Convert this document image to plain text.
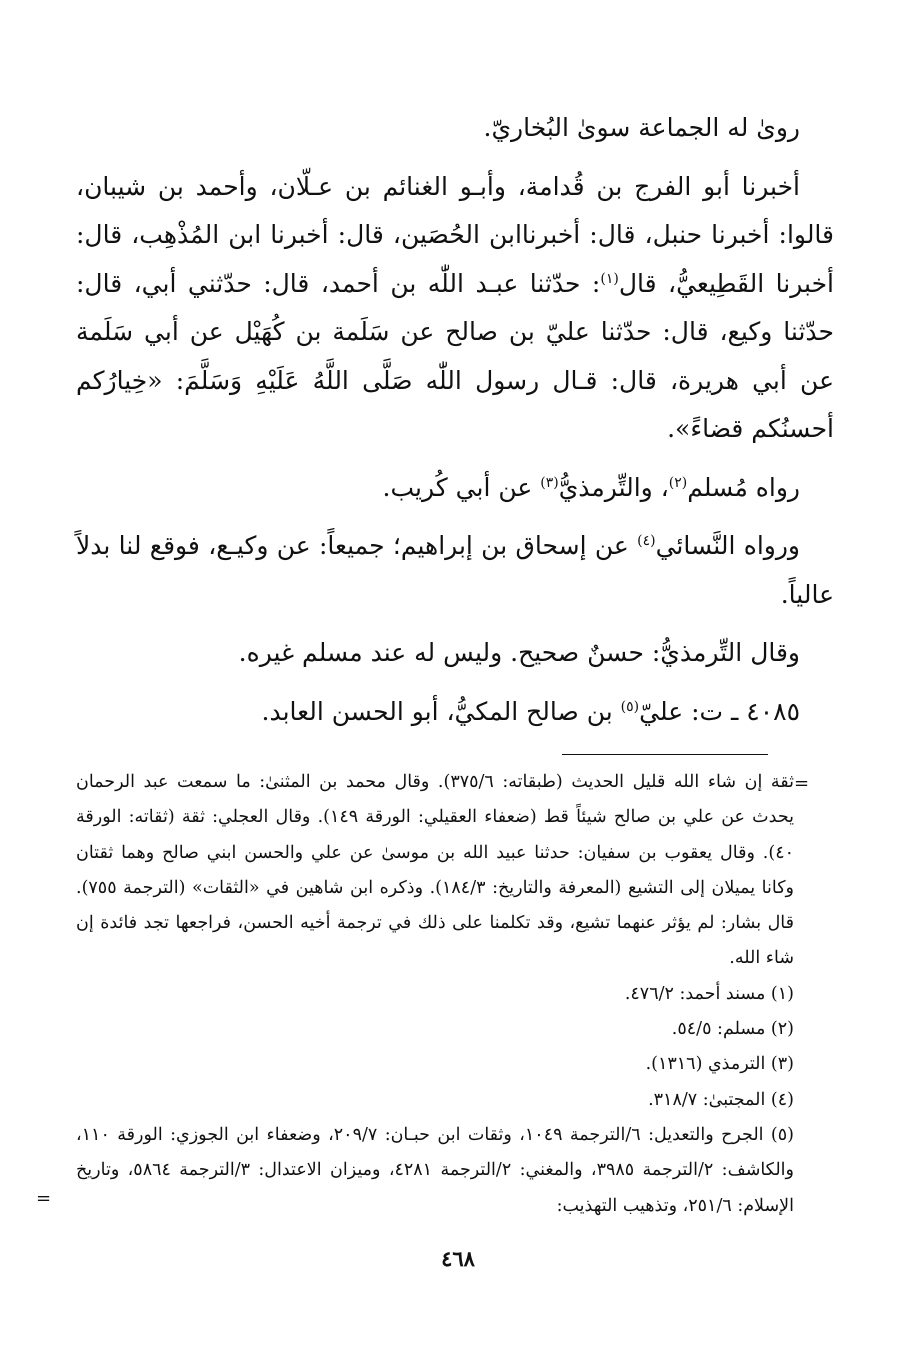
روىٰ له الجماعة سوىٰ البُخاريّ.

أخبرنا أبو الفرج بن قُدامة، وأبـو الغنائم بن عـلّان، وأحمد بن شيبان، قالوا: أخبرنا حنبل، قال: أخبرناابن الحُصَين، قال: أخبرنا ابن المُذْهِب، قال: أخبرنا القَطِيعيُّ، قال$^{(١)}$: حدّثنا عبـد اللّٰه بن أحمد، قال: حدّثني أبي، قال: حدّثنا وكيع، قال: حدّثنا عليّ بن صالح عن سَلَمة بن كُهَيْل عن أبي سَلَمة عن أبي هريرة، قال: قـال رسول اللّٰه صَلَّى اللَّهُ عَلَيْهِ وَسَلَّمَ: «خِيارُكم أحسنُكم قضاءً».

رواه مُسلم$^{(٢)}$، والتِّرمذيُّ$^{(٣)}$ عن أبي كُريب.

ورواه النَّسائي$^{(٤)}$ عن إسحاق بن إبراهيم؛ جميعاً: عن وكيـع، فوقع لنا بدلاً عالياً.

وقال التِّرمذيُّ: حسنٌ صحيح. وليس له عند مسلم غيره.

٤٠٨٥ ـ ت: عليّ$^{(٥)}$ بن صالح المكيُّ، أبو الحسن العابد.

=

ثقة إن شاء الله قليل الحديث (طبقاته: ٣٧٥/٦). وقال محمد بن المثنىٰ: ما سمعت عبد الرحمان يحدث عن علي بن صالح شيئاً قط (ضعفاء العقيلي: الورقة ١٤٩). وقال العجلي: ثقة (ثقاته: الورقة ٤٠). وقال يعقوب بن سفيان: حدثنا عبيد الله بن موسىٰ عن علي والحسن ابني صالح وهما ثقتان وكانا يميلان إلى التشيع (المعرفة والتاريخ: ١٨٤/٣). وذكره ابن شاهين في «الثقات» (الترجمة ٧٥٥). قال بشار: لم يؤثر عنهما تشيع، وقد تكلمنا على ذلك في ترجمة أخيه الحسن، فراجعها تجد فائدة إن شاء الله.

(١) مسند أحمد: ٤٧٦/٢.

(٢) مسلم: ٥٤/٥.

(٣) الترمذي (١٣١٦).

(٤) المجتبىٰ: ٣١٨/٧.

(٥) الجرح والتعديل: ٦/الترجمة ١٠٤٩، وثقات ابن حبـان: ٢٠٩/٧، وضعفاء ابن الجوزي: الورقة ١١٠، والكاشف: ٢/الترجمة ٣٩٨٥، والمغني: ٢/الترجمة ٤٢٨١، وميزان الاعتدال: ٣/الترجمة ٥٨٦٤، وتاريخ الإسلام: ٢٥١/٦، وتذهيب التهذيب:

=
٤٦٨
